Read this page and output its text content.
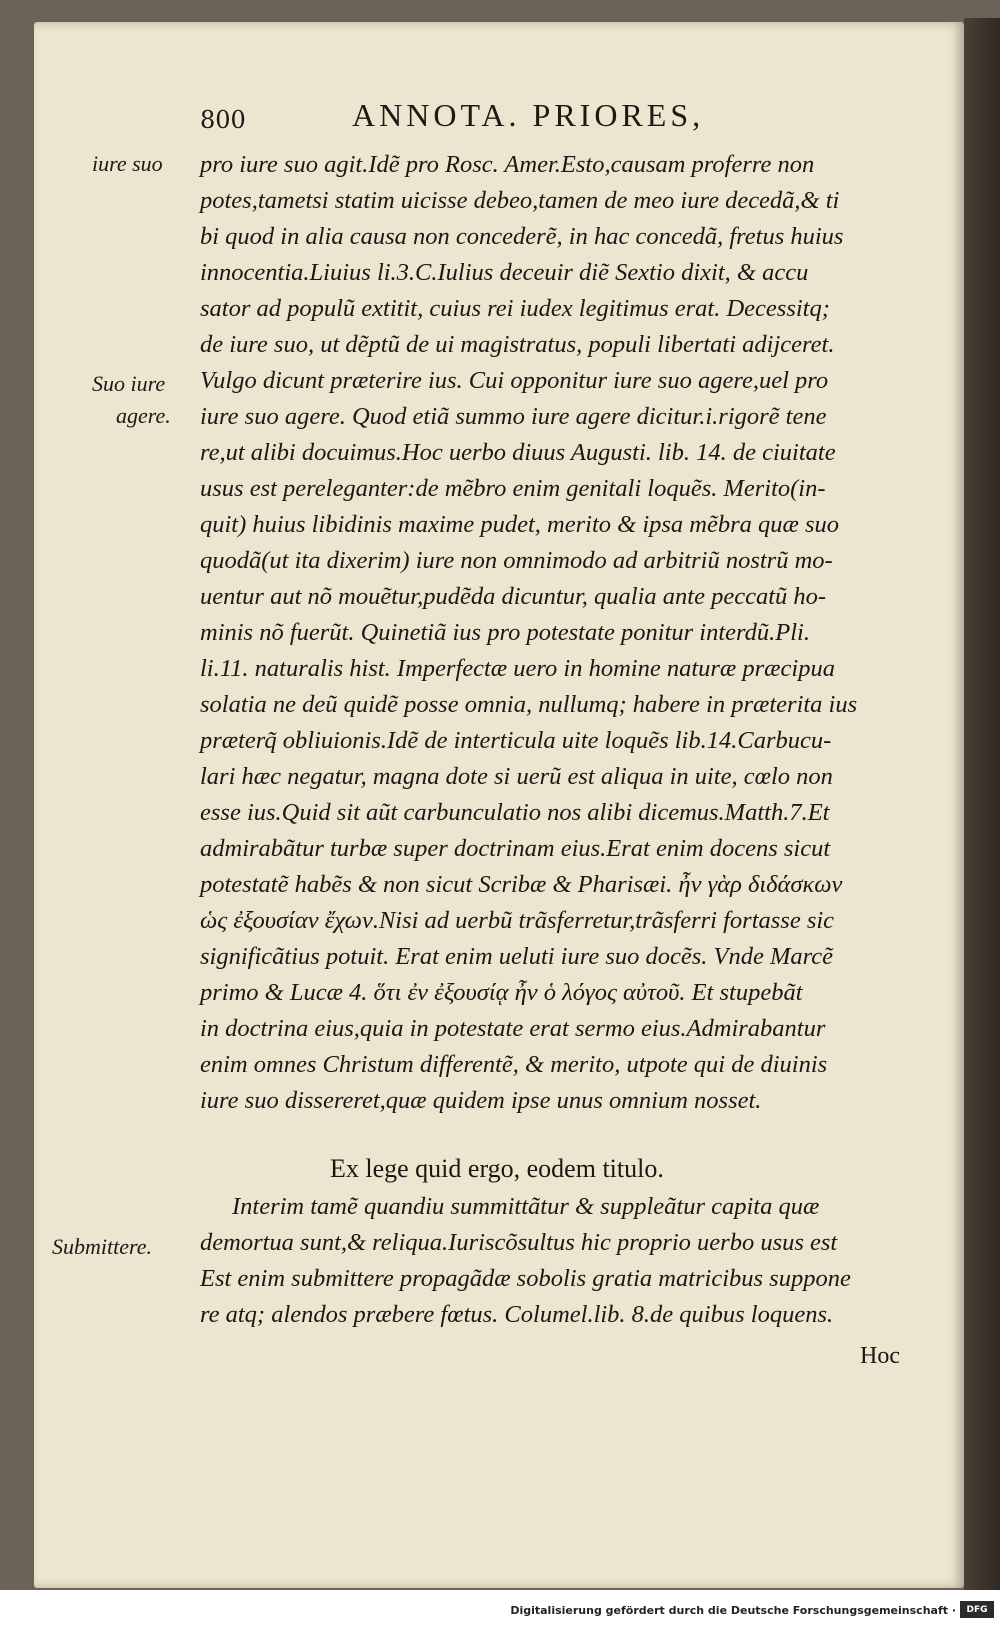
800	ANNOTA. PRIORES,
iure suo
Suo iure
agere.
Submittere.
pro iure suo agit.Idẽ pro Rosc. Amer.Esto,causam proferre non
potes,tametsi statim uicisse debeo,tamen de meo iure decedã,& ti
bi quod in alia causa non concederẽ, in hac concedã, fretus huius
innocentia.Liuius li.3.C.Iulius deceuir diẽ Sextio dixit, & accu
sator ad populũ extitit, cuius rei iudex legitimus erat. Decessitq;
de iure suo, ut dẽptũ de ui magistratus, populi libertati adijceret.
Vulgo dicunt prӕterire ius. Cui opponitur iure suo agere,uel pro
iure suo agere. Quod etiã summo iure agere dicitur.i.rigorẽ tene
re,ut alibi docuimus.Hoc uerbo diuus Augusti. lib. 14. de ciuitate
usus est pereleganter:de mẽbro enim genitali loquẽs. Merito(in-
quit) huius libidinis maxime pudet, merito & ipsa mẽbra quӕ suo
quodã(ut ita dixerim) iure non omnimodo ad arbitriũ nostrũ mo-
uentur aut nõ mouẽtur,pudẽda dicuntur, qualia ante peccatũ ho-
minis nõ fuerũt. Quinetiã ius pro potestate ponitur interdũ.Pli.
li.11. naturalis hist. Imperfectӕ uero in homine naturӕ prӕcipua
solatia ne deũ quidẽ posse omnia, nullumq; habere in prӕterita ius
prӕterq̃ obliuionis.Idẽ de interticula uite loquẽs lib.14.Carbucu-
lari hӕc negatur, magna dote si uerũ est aliqua in uite, cœlo non
esse ius.Quid sit aũt carbunculatio nos alibi dicemus.Matth.7.Et
admirabãtur turbӕ super doctrinam eius.Erat enim docens sicut
potestatẽ habẽs & non sicut Scribӕ & Pharisӕi. ἦν γὰρ διδάσκων
ὡς ἐξουσίαν ἔχων.Nisi ad uerbũ trãsferretur,trãsferri fortasse sic
significãtius potuit. Erat enim ueluti iure suo docẽs. Vnde Marcẽ
primo & Lucӕ 4. ὅτι ἐν ἐξουσίᾳ ἦν ὁ λόγος αὐτοῦ. Et stupebãt
in doctrina eius,quia in potestate erat sermo eius.Admirabantur
enim omnes Christum differentẽ, & merito, utpote qui de diuinis
iure suo dissereret,quӕ quidem ipse unus omnium nosset.
Ex lege quid ergo, eodem titulo.
Interim tamẽ quandiu summittãtur & suppleãtur capita quӕ
demortua sunt,& reliqua.Iuriscõsultus hic proprio uerbo usus est
Est enim submittere propagãdӕ sobolis gratia matricibus suppone
re atq; alendos prӕbere fœtus. Columel.lib. 8.de quibus loquens.
Hoc
Digitalisierung gefördert durch die Deutsche Forschungsgemeinschaft ·	DFG
